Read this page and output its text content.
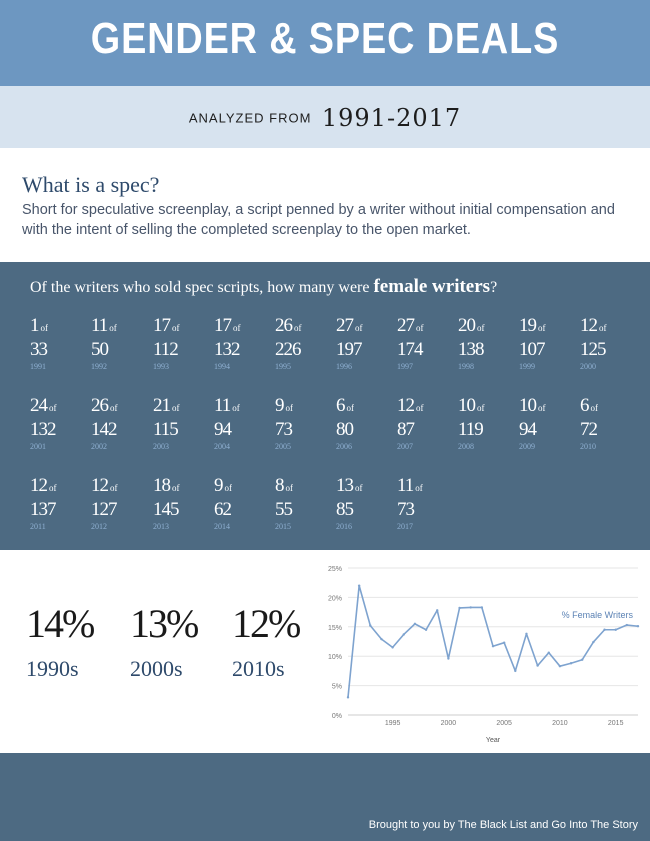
GENDER & SPEC DEALS
ANALYZED FROM 1991-2017
What is a spec?

Short for speculative screenplay, a script penned by a writer without initial compensation and with the intent of selling the completed screenplay to the open market.

Of the writers who sold spec scripts, how many were female writers?
1 of
33
1991
11 of
50
1992
17 of
112
1993
17 of
132
1994
26 of
226
1995
27 of
197
1996
27 of
174
1997
20 of
138
1998
19 of
107
1999
12 of
125
2000
24 of
132
2001
26 of
142
2002
21 of
115
2003
11 of
94
2004
9 of
73
2005
6 of
80
2006
12 of
87
2007
10 of
119
2008
10 of
94
2009
6 of
72
2010
12 of
137
2011
12 of
127
2012
18 of
145
2013
9 of
62
2014
8 of
55
2015
13 of
85
2016
11 of
73
2017
14%
1990s
13%
2000s
12%
2010s
0%
5%
10%
15%
20%
25%
1995	2000	2005	2010	2015
Year
% Female Writers
Brought to you by The Black List and Go Into The Story
